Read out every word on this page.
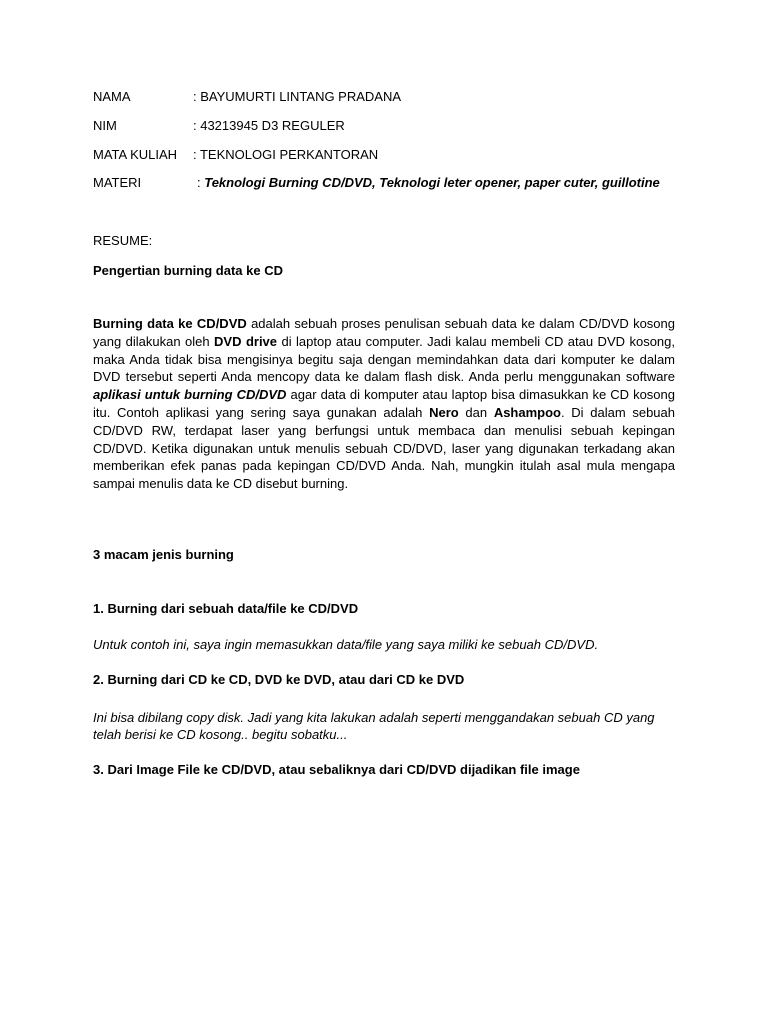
NAMA	: BAYUMURTI LINTANG PRADANA
NIM	: 43213945 D3 REGULER
MATA KULIAH : TEKNOLOGI PERKANTORAN
MATERI	: Teknologi Burning CD/DVD, Teknologi leter opener, paper cuter, guillotine
RESUME:
Pengertian burning data ke CD
Burning data ke CD/DVD adalah sebuah proses penulisan sebuah data ke dalam CD/DVD kosong yang dilakukan oleh DVD drive di laptop atau computer. Jadi kalau membeli CD atau DVD kosong, maka Anda tidak bisa mengisinya begitu saja dengan memindahkan data dari komputer ke dalam DVD tersebut seperti Anda mencopy data ke dalam flash disk. Anda perlu menggunakan software aplikasi untuk burning CD/DVD agar data di komputer atau laptop bisa dimasukkan ke CD kosong itu. Contoh aplikasi yang sering saya gunakan adalah Nero dan Ashampoo. Di dalam sebuah CD/DVD RW, terdapat laser yang berfungsi untuk membaca dan menulisi sebuah kepingan CD/DVD. Ketika digunakan untuk menulis sebuah CD/DVD, laser yang digunakan terkadang akan memberikan efek panas pada kepingan CD/DVD Anda. Nah, mungkin itulah asal mula mengapa sampai menulis data ke CD disebut burning.
3 macam jenis burning
1. Burning dari sebuah data/file ke CD/DVD
Untuk contoh ini, saya ingin memasukkan data/file yang saya miliki ke sebuah CD/DVD.
2. Burning dari CD ke CD, DVD ke DVD, atau dari CD ke DVD
Ini bisa dibilang copy disk. Jadi yang kita lakukan adalah seperti menggandakan sebuah CD yang telah berisi ke CD kosong.. begitu sobatku...
3. Dari Image File ke CD/DVD, atau sebaliknya dari CD/DVD dijadikan file image
